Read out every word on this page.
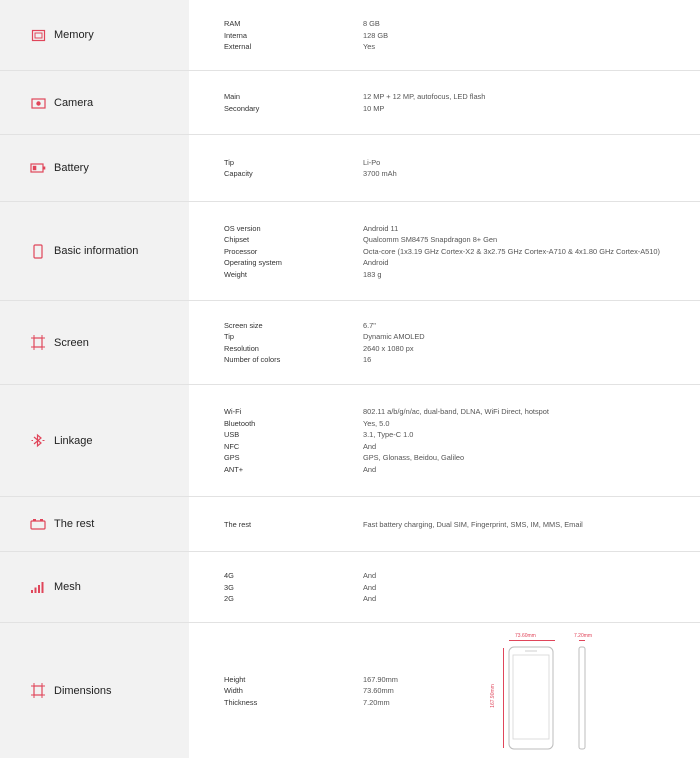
Memory
RAM	8 GB
Interna	128 GB
External	Yes
Camera	Main	12 MP + 12 MP, autofocus, LED flash
Secondary	10 MP
Battery	Tip	Li-Po
Capacity	3700 mAh
Basic information
OS version	Android 11
Chipset	Qualcomm SM8475 Snapdragon 8+ Gen
Processor	Octa-core (1x3.19 GHz Cortex-X2 & 3x2.75 GHz Cortex-A710 & 4x1.80 GHz Cortex-A510)
Operating system	Android
Weight	183 g
Screen
Screen size	6.7"
Tip	Dynamic AMOLED
Resolution	2640 x 1080 px
Number of colors	16
Linkage
Wi-Fi	802.11 a/b/g/n/ac, dual-band, DLNA, WiFi Direct, hotspot
Bluetooth	Yes, 5.0
USB	3.1, Type-C 1.0
NFC	And
GPS	GPS, Glonass, Beidou, Galileo
ANT+	And
The rest	The rest	Fast battery charging, Dual SIM, Fingerprint, SMS, IM, MMS, Email
Mesh
4G	And
3G	And
2G	And
Dimensions
Height	167.90mm
Width	73.60mm
Thickness	7.20mm
73.60mm	7.20mm
167.90mm
